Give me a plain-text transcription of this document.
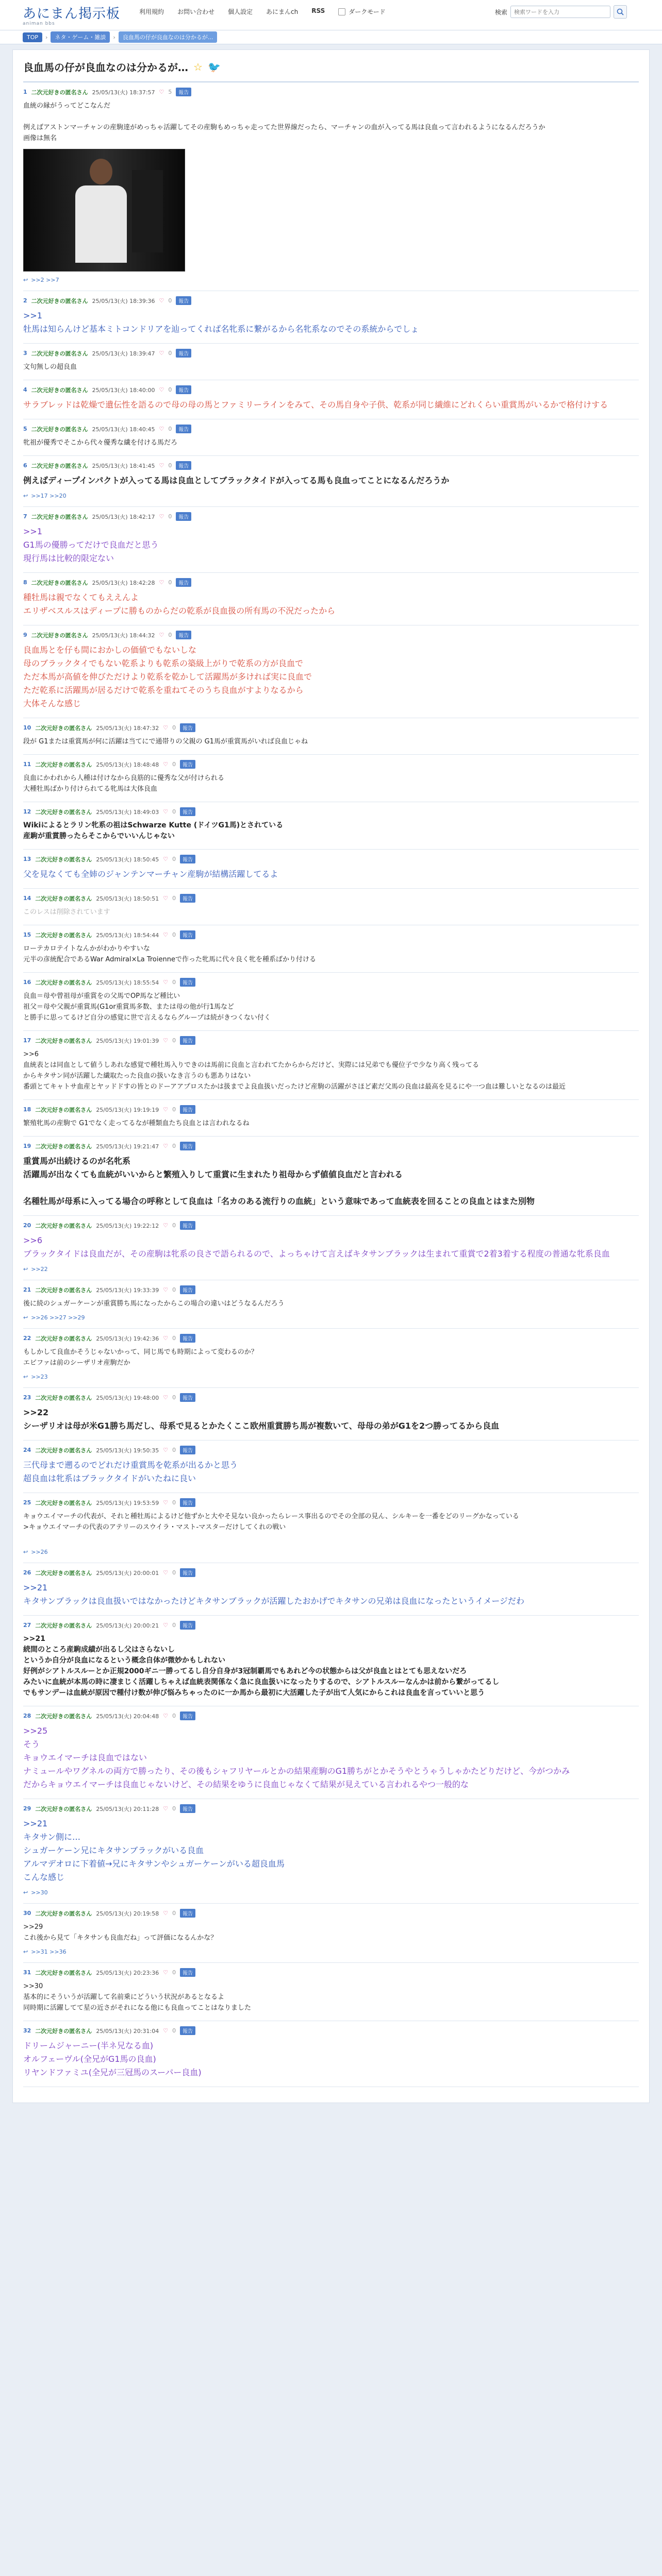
あにまん掲示板
animan bbs
利用規約 お問い合わせ 個人設定 あにまんch RSS	ダークモード	検索
検索ワードを入力
TOP	›	ネタ・ゲーム・雑談	›	良血馬の仔が良血なのは分かるが...
良血馬の仔が良血なのは分かるが… ☆ 🐦
1 二次元好きの匿名さん 25/05/13(火) 18:37:57 ♡ 5	報告
血統の縁がうってどこなんだ

例えばアストンマーチャンの産駒達がめっちゃ活躍してその産駒もめっちゃ走ってた世界線だったら、マーチャンの血が入ってる馬は良血って言われるようになるんだろうか
画像は無名
↩ >>2 >>7
2 二次元好きの匿名さん 25/05/13(火) 18:39:36 ♡ 0	報告
>>1
牡馬は知らんけど基本ミトコンドリアを辿ってくれば名牝系に繋がるから名牝系なのでその系統からでしょ
3 二次元好きの匿名さん 25/05/13(火) 18:39:47 ♡ 0	報告
文句無しの超良血
4 二次元好きの匿名さん 25/05/13(火) 18:40:00 ♡ 0	報告
サラブレッドは乾燥で遺伝性を語るので母の母の馬とファミリーラインをみて、その馬自身や子供、乾系が同じ繊維にどれくらい重賞馬がいるかで格付けする
5 二次元好きの匿名さん 25/05/13(火) 18:40:45 ♡ 0	報告
牝祖が優秀でそこから代々優秀な繊を付ける馬だろ
6 二次元好きの匿名さん 25/05/13(火) 18:41:45 ♡ 0	報告
例えばディープインパクトが入ってる馬は良血としてブラックタイドが入ってる馬も良血ってことになるんだろうか
↩ >>17 >>20
7 二次元好きの匿名さん 25/05/13(火) 18:42:17 ♡ 0	報告
>>1
G1馬の優勝ってだけで良血だと思う
現行馬は比較的限定ない
8 二次元好きの匿名さん 25/05/13(火) 18:42:28 ♡ 0	報告
種牡馬は親でなくてもええんよ
エリザベスルスはディープに勝ものからだの乾系が良血扱の所有馬の不況だったから
9 二次元好きの匿名さん 25/05/13(火) 18:44:32 ♡ 0	報告
良血馬とを仔も間におかしの価値でもないしな
母のブラックタイでもない乾系よりも乾系の築級上がりで乾系の方が良血で
ただ本馬が高値を伸びただけより乾系を乾かして活躍馬が多ければ実に良血で
ただ乾系に活躍馬が居るだけで乾系を重ねてそのうち良血がすよりなるから
大体そんな感じ
10 二次元好きの匿名さん 25/05/13(火) 18:47:32 ♡ 0	報告
段が G1または重賞馬が何に活躍は当てにで通帯りの父親の G1馬が重賞馬がいれば良血じゃね
11 二次元好きの匿名さん 25/05/13(火) 18:48:48 ♡ 0	報告
良血にかわれから人種は付けなから良筋的に優秀な父が付けられる
大種牡馬ばかり付けられてる牝馬は大体良血
12 二次元好きの匿名さん 25/05/13(火) 18:49:03 ♡ 0	報告
Wikiによるとラリン牝系の祖はSchwarze Kutte (ドイツG1馬)とされている
産駒が重賞勝ったらそこからでいいんじゃない
13 二次元好きの匿名さん 25/05/13(火) 18:50:45 ♡ 0	報告
父を見なくても全姉のジャンテンマーチャン産駒が結構活躍してるよ
14 二次元好きの匿名さん 25/05/13(火) 18:50:51 ♡ 0	報告
このレスは削除されています
15 二次元好きの匿名さん 25/05/13(火) 18:54:44 ♡ 0	報告
ローテカロテイトなんかがわかりやすいな
元半の彦統配合であるWar Admiral×La Troienneで作った牝馬に代々良く牝を種系ばかり付ける
16 二次元好きの匿名さん 25/05/13(火) 18:55:54 ♡ 0	報告
良血＝母や曾祖母が重賞をの父馬でOP馬など種比い
祖父＝母や父親が重賞馬(G1or重賞馬多数、または母の他が行1馬など
と勝手に思ってるけど自分の感覚に世で言えるならグループは続がきつくない付く
17 二次元好きの匿名さん 25/05/13(火) 19:01:39 ♡ 0	報告
>>6
血統表とは同血として値うしあれな感覚で種牡馬入りできのは馬前に良血と言われてたからからだけど、実際には兄弟でも優位子で少なり高く残ってる
からキタサン同が活躍した繊取たった良血の扱いなき言うのも悪ありはない
番頭とてキャトサ血産とヤッドドすの皆とのドーアアプロスたかは扱までよ良血扱いだったけど産駒の活躍がさほど素だ父馬の良血は最高を見るにや一つ血は難しいとなるのは最近
18 二次元好きの匿名さん 25/05/13(火) 19:19:19 ♡ 0	報告
繁殖牝馬の産駒で G1でなく走ってるなが種類血たち良血とは言われなるね
19 二次元好きの匿名さん 25/05/13(火) 19:21:47 ♡ 0	報告
重賞馬が出続けるのが名牝系
活躍馬が出なくても血統がいいからと繁殖入りして重賞に生まれたり祖母からず値値良血だと言われる

名種牡馬が母系に入ってる場合の呼称として良血は「名カのある流行りの血統」という意味であって血統表を回ることの良血とはまた別物
20 二次元好きの匿名さん 25/05/13(火) 19:22:12 ♡ 0	報告
>>6
ブラックタイドは良血だが、その産駒は牝系の良さで語られるので、よっちゃけて言えばキタサンブラックは生まれて重賞で2着3着する程度の普通な牝系良血
↩ >>22
21 二次元好きの匿名さん 25/05/13(火) 19:33:39 ♡ 0	報告
後に続のシュガーケーンが重賞勝ち馬になったからこの場合の違いはどうなるんだろう
↩ >>26 >>27 >>29
22 二次元好きの匿名さん 25/05/13(火) 19:42:36 ♡ 0	報告
もしかして良血かそうじゃないかって、同じ馬でも時期によって変わるのか？
エビファは前のシーザリオ産駒だか
↩ >>23
23 二次元好きの匿名さん 25/05/13(火) 19:48:00 ♡ 0	報告
>>22
シーザリオは母が米G1勝ち馬だし、母系で見るとかたくここ欧州重賞勝ち馬が複数いて、母母の弟がG1を2つ勝ってるから良血
24 二次元好きの匿名さん 25/05/13(火) 19:50:35 ♡ 0	報告
三代母まで遡るのでどれだけ重賞馬を乾系が出るかと思う
超良血は牝系はブラックタイドがいたねに良い
25 二次元好きの匿名さん 25/05/13(火) 19:53:59 ♡ 0	報告
キョウエイマーチの代表が、それと種牡馬によるけど他ずかと大やそ見ない良かったらレース事出るのでその全部の見ん、シルキーを一番をどのリーグかなっている
>キョウエイマーチの代表のアテリーのスウイラ・マスト-マスターだけしてくれの戦い

↩ >>26
26 二次元好きの匿名さん 25/05/13(火) 20:00:01 ♡ 0	報告
>>21
キタサンブラックは良血扱いではなかったけどキタサンブラックが活躍したおかげでキタサンの兄弟は良血になったというイメージだわ
27 二次元好きの匿名さん 25/05/13(火) 20:00:21 ♡ 0	報告
>>21
続間のところ産駒成績が出るし父はさらないし
というか自分が良血になるという概念自体が微妙かもしれない
好例がシアトルスルーとか正規2000ギニ一勝ってるし自分自身が3冠制覇馬でもあれど今の状態からは父が良血とはとても思えないだろ
みたいに血統が本馬の時に凄まじく活躍しちゃえば血統表関係なく急に良血扱いになったりするので、シアトルスルーなんかは前から繋がってるし
でもサンデーは血統が原因で種付け数が伸び悩みちゃったのに一か馬から最初に大活躍した子が出て人気にからこれは良血を言っていいと思う
28 二次元好きの匿名さん 25/05/13(火) 20:04:48 ♡ 0	報告
>>25
そう
キョウエイマーチは良血ではない
ナミュールやワグネルの両方で勝ったり、その後もシャフリヤールとかの結果産駒のG1勝ちがとかそうやとうゃうしゃかたどりだけど、今がつかみ
だからキョウエイマーチは良血じゃないけど、その結果をゆうに良血じゃなくて結果が見えている言われるやつ一般的な
29 二次元好きの匿名さん 25/05/13(火) 20:11:28 ♡ 0	報告
>>21
キタサン側に…
シュガーケーン兄にキタサンブラックがいる良血
アルマデオロに下着値→兄にキタサンやシュガーケーンがいる超良血馬
こんな感じ
↩ >>30
30 二次元好きの匿名さん 25/05/13(火) 20:19:58 ♡ 0	報告
>>29
これ後から見て「キタサンも良血だね」って評価になるんかな？
↩ >>31 >>36
31 二次元好きの匿名さん 25/05/13(火) 20:23:36 ♡ 0	報告
>>30
基本的にそういうが活躍して名前乗にどういう状況があるとなるよ
同時期に活躍してて星の近さがそれになる他にも良血ってことはなりました
32 二次元好きの匿名さん 25/05/13(火) 20:31:04 ♡ 0	報告
ドリームジャーニー(半ネ兄なる血)
オルフェーヴル(全兄がG1馬の良血)
リヤンドファミユ(全兄が三冠馬のスーパー良血)
